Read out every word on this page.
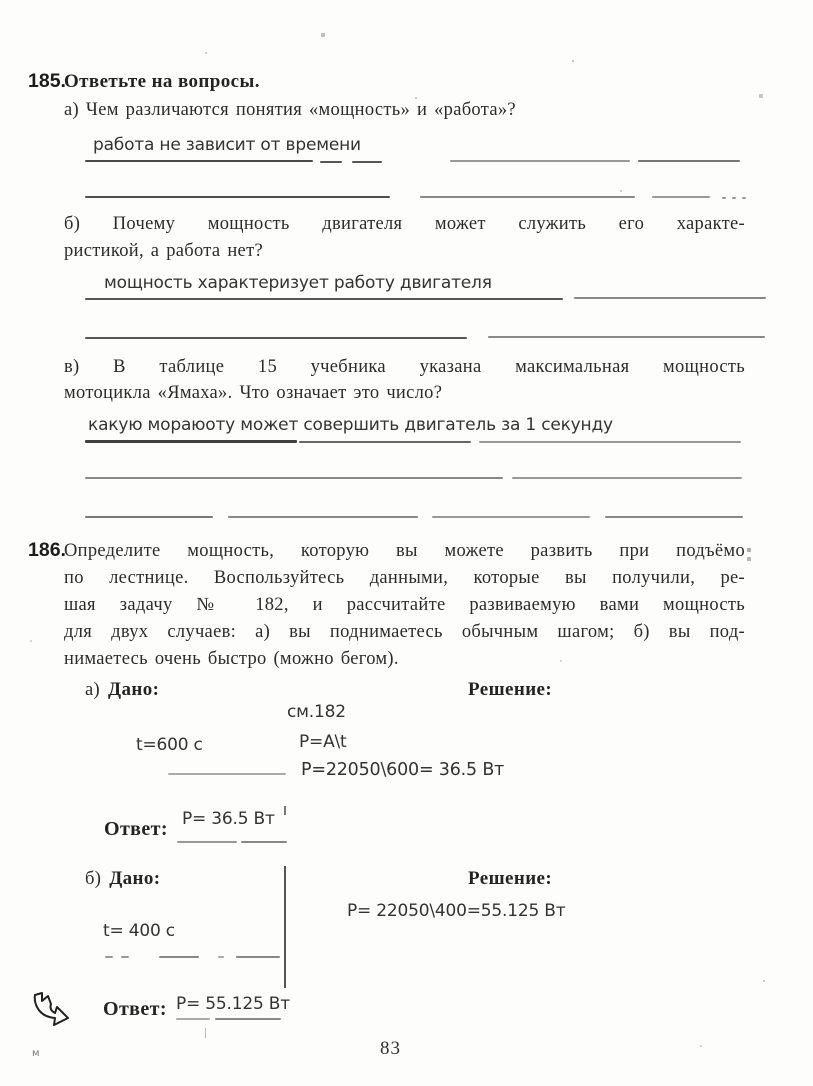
185.
Ответьте на вопросы.
а) Чем различаются понятия «мощность» и «работа»?
работа не зависит от времени
б) Почему мощность двигателя может служить его характе-
ристикой, а работа нет?
мощность характеризует работу двигателя
в) В таблице 15 учебника указана максимальная мощность
мотоцикла «Ямаха». Что означает это число?
какую мораюоту может совершить двигатель за 1 секунду
186.
Определите мощность, которую вы можете развить при подъёмо
по лестнице. Воспользуйтесь данными, которые вы получили, ре-
шая задачу № 182, и рассчитайте развиваемую вами мощность
для двух случаев: а) вы поднимаетесь обычным шагом; б) вы под-
нимаетесь очень быстро (можно бегом).
а) Дано:	Решение:
см.182
t=600 с	P=A\t
P=22050\600= 36.5 Вт
Ответ: P= 36.5 Вт
б) Дано:	Решение:
P= 22050\400=55.125 Вт
t= 400 с
Ответ: P= 55.125 Вт
83
м
